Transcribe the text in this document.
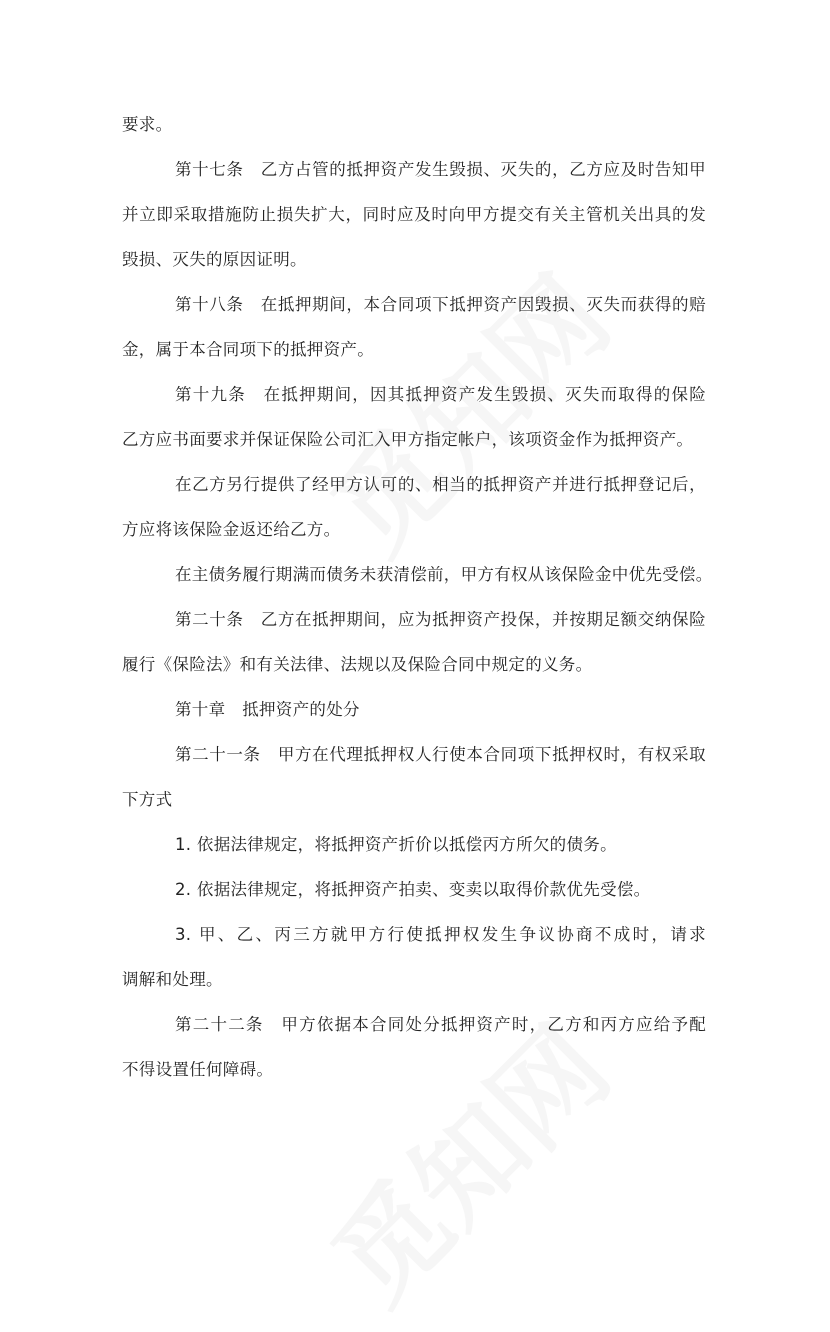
要求。
第十七条　乙方占管的抵押资产发生毁损、灭失的，乙方应及时告知甲
并立即采取措施防止损失扩大，同时应及时向甲方提交有关主管机关出具的发
毁损、灭失的原因证明。
第十八条　在抵押期间，本合同项下抵押资产因毁损、灭失而获得的赔
金，属于本合同项下的抵押资产。
第十九条　在抵押期间，因其抵押资产发生毁损、灭失而取得的保险
乙方应书面要求并保证保险公司汇入甲方指定帐户，该项资金作为抵押资产。
在乙方另行提供了经甲方认可的、相当的抵押资产并进行抵押登记后，
方应将该保险金返还给乙方。
在主债务履行期满而债务未获清偿前，甲方有权从该保险金中优先受偿。
第二十条　乙方在抵押期间，应为抵押资产投保，并按期足额交纳保险
履行《保险法》和有关法律、法规以及保险合同中规定的义务。
第十章　抵押资产的处分
第二十一条　甲方在代理抵押权人行使本合同项下抵押权时，有权采取
下方式
1. 依据法律规定，将抵押资产折价以抵偿丙方所欠的债务。
2. 依据法律规定，将抵押资产拍卖、变卖以取得价款优先受偿。
3. 甲、乙、丙三方就甲方行使抵押权发生争议协商不成时，请求
调解和处理。
第二十二条　甲方依据本合同处分抵押资产时，乙方和丙方应给予配
不得设置任何障碍。
